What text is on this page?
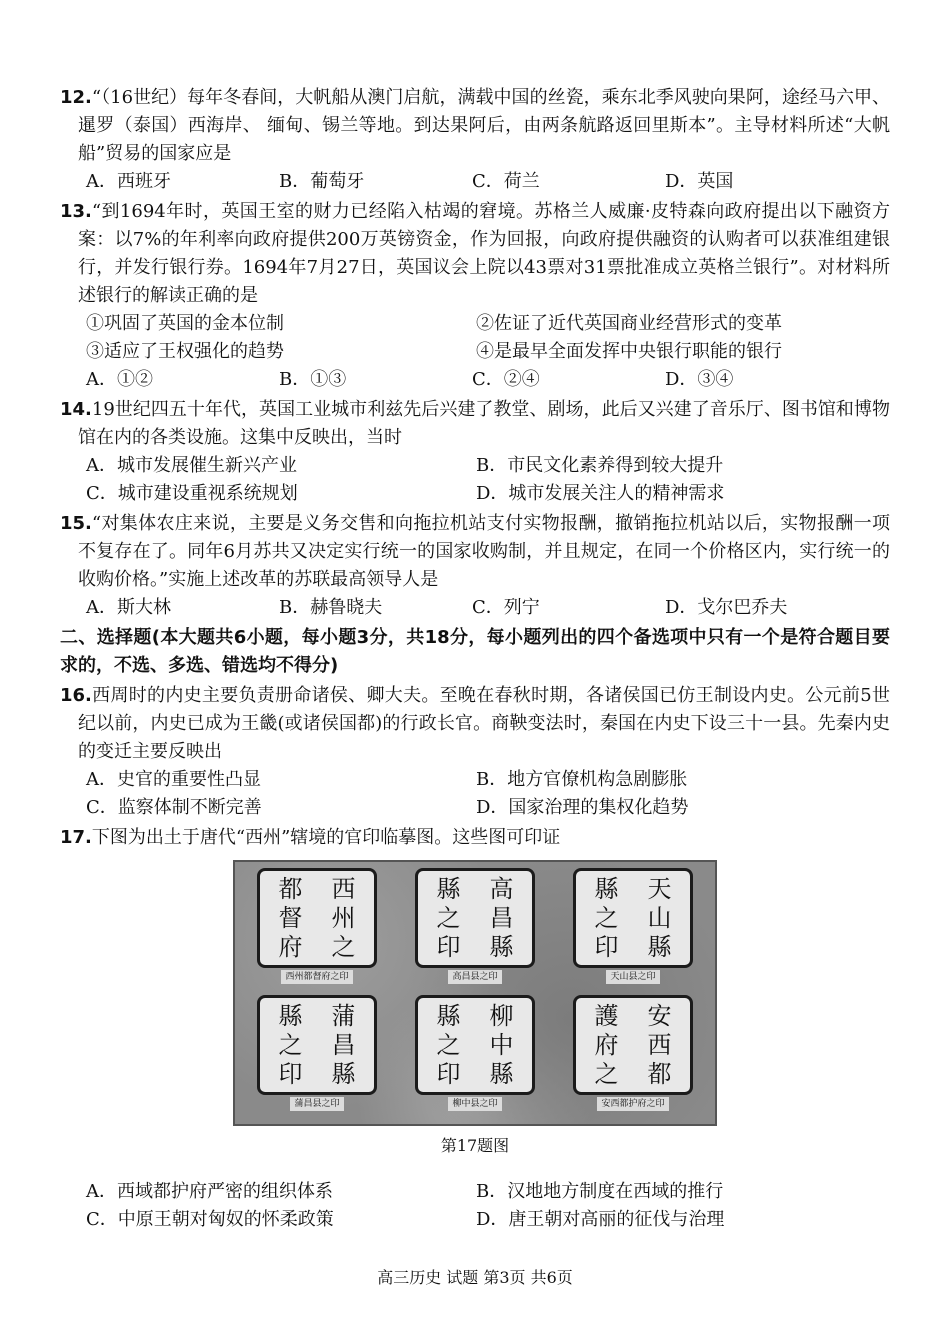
12.“（16世纪）每年冬春间，大帆船从澳门启航，满载中国的丝瓷，乘东北季风驶向果阿，途经马六甲、暹罗（泰国）西海岸、 缅甸、锡兰等地。到达果阿后，由两条航路返回里斯本”。主导材料所述“大帆船”贸易的国家应是

A．西班牙	B．葡萄牙	C．荷兰	D．英国

13.“到1694年时，英国王室的财力已经陷入枯竭的窘境。苏格兰人威廉·皮特森向政府提出以下融资方案：以7%的年利率向政府提供200万英镑资金，作为回报，向政府提供融资的认购者可以获准组建银行，并发行银行券。1694年7月27日，英国议会上院以43票对31票批准成立英格兰银行”。对材料所述银行的解读正确的是

①巩固了英国的金本位制	②佐证了近代英国商业经营形式的变革
③适应了王权强化的趋势	④是最早全面发挥中央银行职能的银行
A．①②	B．①③	C．②④	D．③④

14.19世纪四五十年代，英国工业城市利兹先后兴建了教堂、剧场，此后又兴建了音乐厅、图书馆和博物馆在内的各类设施。这集中反映出，当时

A．城市发展催生新兴产业	B．市民文化素养得到较大提升
C．城市建设重视系统规划	D．城市发展关注人的精神需求

15.“对集体农庄来说，主要是义务交售和向拖拉机站支付实物报酬，撤销拖拉机站以后，实物报酬一项不复存在了。同年6月苏共又决定实行统一的国家收购制，并且规定，在同一个价格区内，实行统一的收购价格。”实施上述改革的苏联最高领导人是

A．斯大林	B．赫鲁晓夫	C．列宁	D．戈尔巴乔夫

二、选择题(本大题共6小题，每小题3分，共18分，每小题列出的四个备选项中只有一个是符合题目要求的，不选、多选、错选均不得分)

16.西周时的内史主要负责册命诸侯、卿大夫。至晚在春秋时期，各诸侯国已仿王制设内史。公元前5世纪以前，内史已成为王畿(或诸侯国都)的行政长官。商鞅变法时，秦国在内史下设三十一县。先秦内史的变迁主要反映出

A．史官的重要性凸显	B．地方官僚机构急剧膨胀
C．监察体制不断完善	D．国家治理的集权化趋势

17.下图为出土于唐代“西州”辖境的官印临摹图。这些图可印证

都
督
府
西
州
之
西州都督府之印
縣
之
印
高
昌
縣
高昌县之印
縣
之
印
天
山
縣
天山县之印
縣
之
印
蒲
昌
縣
蒲昌县之印
縣
之
印
柳
中
縣
柳中县之印
護
府
之
安
西
都
安西都护府之印
第17题图
A．西域都护府严密的组织体系	B．汉地地方制度在西域的推行
C．中原王朝对匈奴的怀柔政策	D．唐王朝对高丽的征伐与治理
高三历史 试题 第3页 共6页
